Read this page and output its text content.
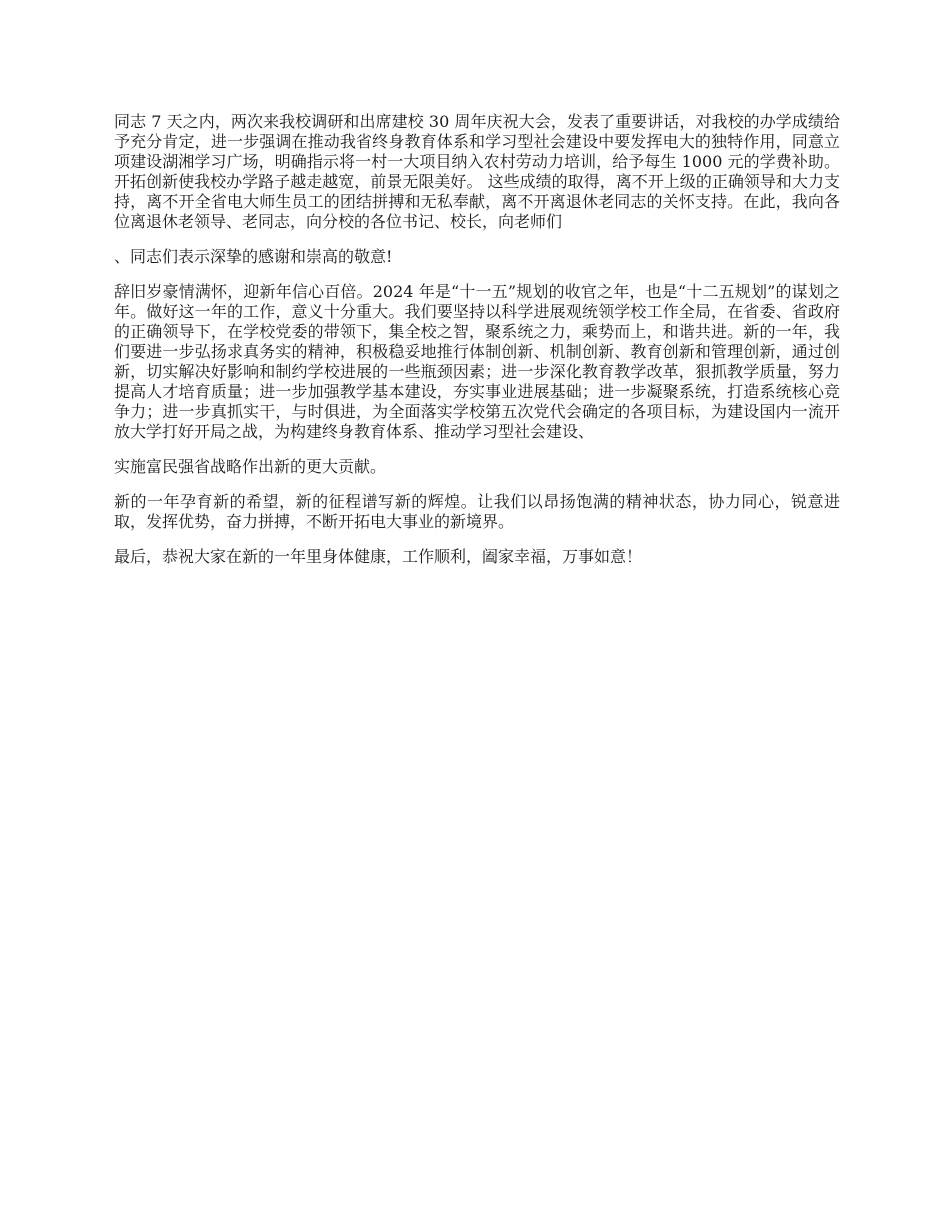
同志 7 天之内，两次来我校调研和出席建校 30 周年庆祝大会，发表了重要讲话，对我校的办学成绩给予充分肯定，进一步强调在推动我省终身教育体系和学习型社会建设中要发挥电大的独特作用，同意立项建设湖湘学习广场，明确指示将一村一大项目纳入农村劳动力培训，给予每生 1000 元的学费补助。开拓创新使我校办学路子越走越宽，前景无限美好。 这些成绩的取得，离不开上级的正确领导和大力支持，离不开全省电大师生员工的团结拼搏和无私奉献，离不开离退休老同志的关怀支持。在此，我向各位离退休老领导、老同志，向分校的各位书记、校长，向老师们

、同志们表示深挚的感谢和崇高的敬意!

辞旧岁豪情满怀，迎新年信心百倍。2024 年是“十一五”规划的收官之年，也是“十二五规划”的谋划之年。做好这一年的工作，意义十分重大。我们要坚持以科学进展观统领学校工作全局，在省委、省政府的正确领导下，在学校党委的带领下，集全校之智，聚系统之力，乘势而上，和谐共进。新的一年，我们要进一步弘扬求真务实的精神，积极稳妥地推行体制创新、机制创新、教育创新和管理创新，通过创新，切实解决好影响和制约学校进展的一些瓶颈因素；进一步深化教育教学改革，狠抓教学质量，努力提高人才培育质量；进一步加强教学基本建设，夯实事业进展基础；进一步凝聚系统，打造系统核心竞争力；进一步真抓实干，与时俱进，为全面落实学校第五次党代会确定的各项目标，为建设国内一流开放大学打好开局之战，为构建终身教育体系、推动学习型社会建设、

实施富民强省战略作出新的更大贡献。

新的一年孕育新的希望，新的征程谱写新的辉煌。让我们以昂扬饱满的精神状态，协力同心，锐意进取，发挥优势，奋力拼搏，不断开拓电大事业的新境界。

最后，恭祝大家在新的一年里身体健康，工作顺利，阖家幸福，万事如意！
